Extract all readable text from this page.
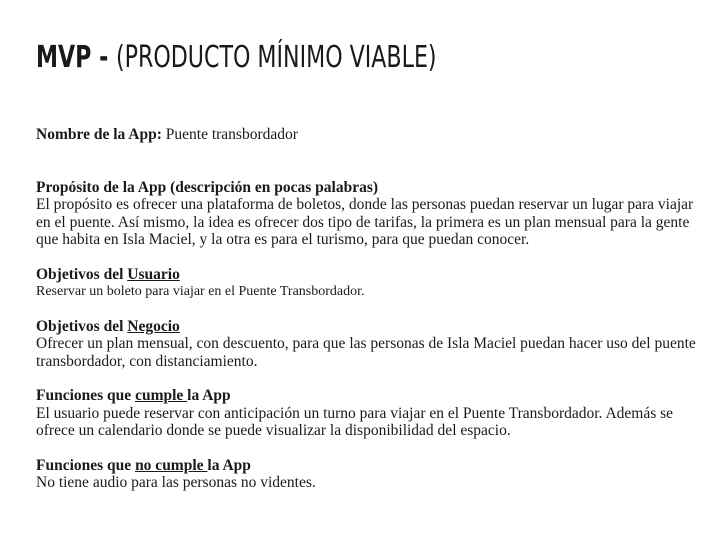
MVP - (PRODUCTO MÍNIMO VIABLE)
Nombre de la App: Puente transbordador

Propósito de la App (descripción en pocas palabras)

El propósito es ofrecer una plataforma de boletos, donde las personas puedan reservar un lugar para viajar en el puente. Así mismo, la idea es ofrecer dos tipo de tarifas, la primera es un plan mensual para la gente que habita en Isla Maciel, y la otra es para el turismo, para que puedan conocer.

Objetivos del Usuario

Reservar un boleto para viajar en el Puente Transbordador.

Objetivos del Negocio

Ofrecer un plan mensual, con descuento, para que las personas de Isla Maciel puedan hacer uso del puente transbordador, con distanciamiento.

Funciones que cumple la App

El usuario puede reservar con anticipación un turno para viajar en el Puente Transbordador. Además se ofrece un calendario donde se puede visualizar la disponibilidad del espacio.

Funciones que no cumple la App

No tiene audio para las personas no videntes.
